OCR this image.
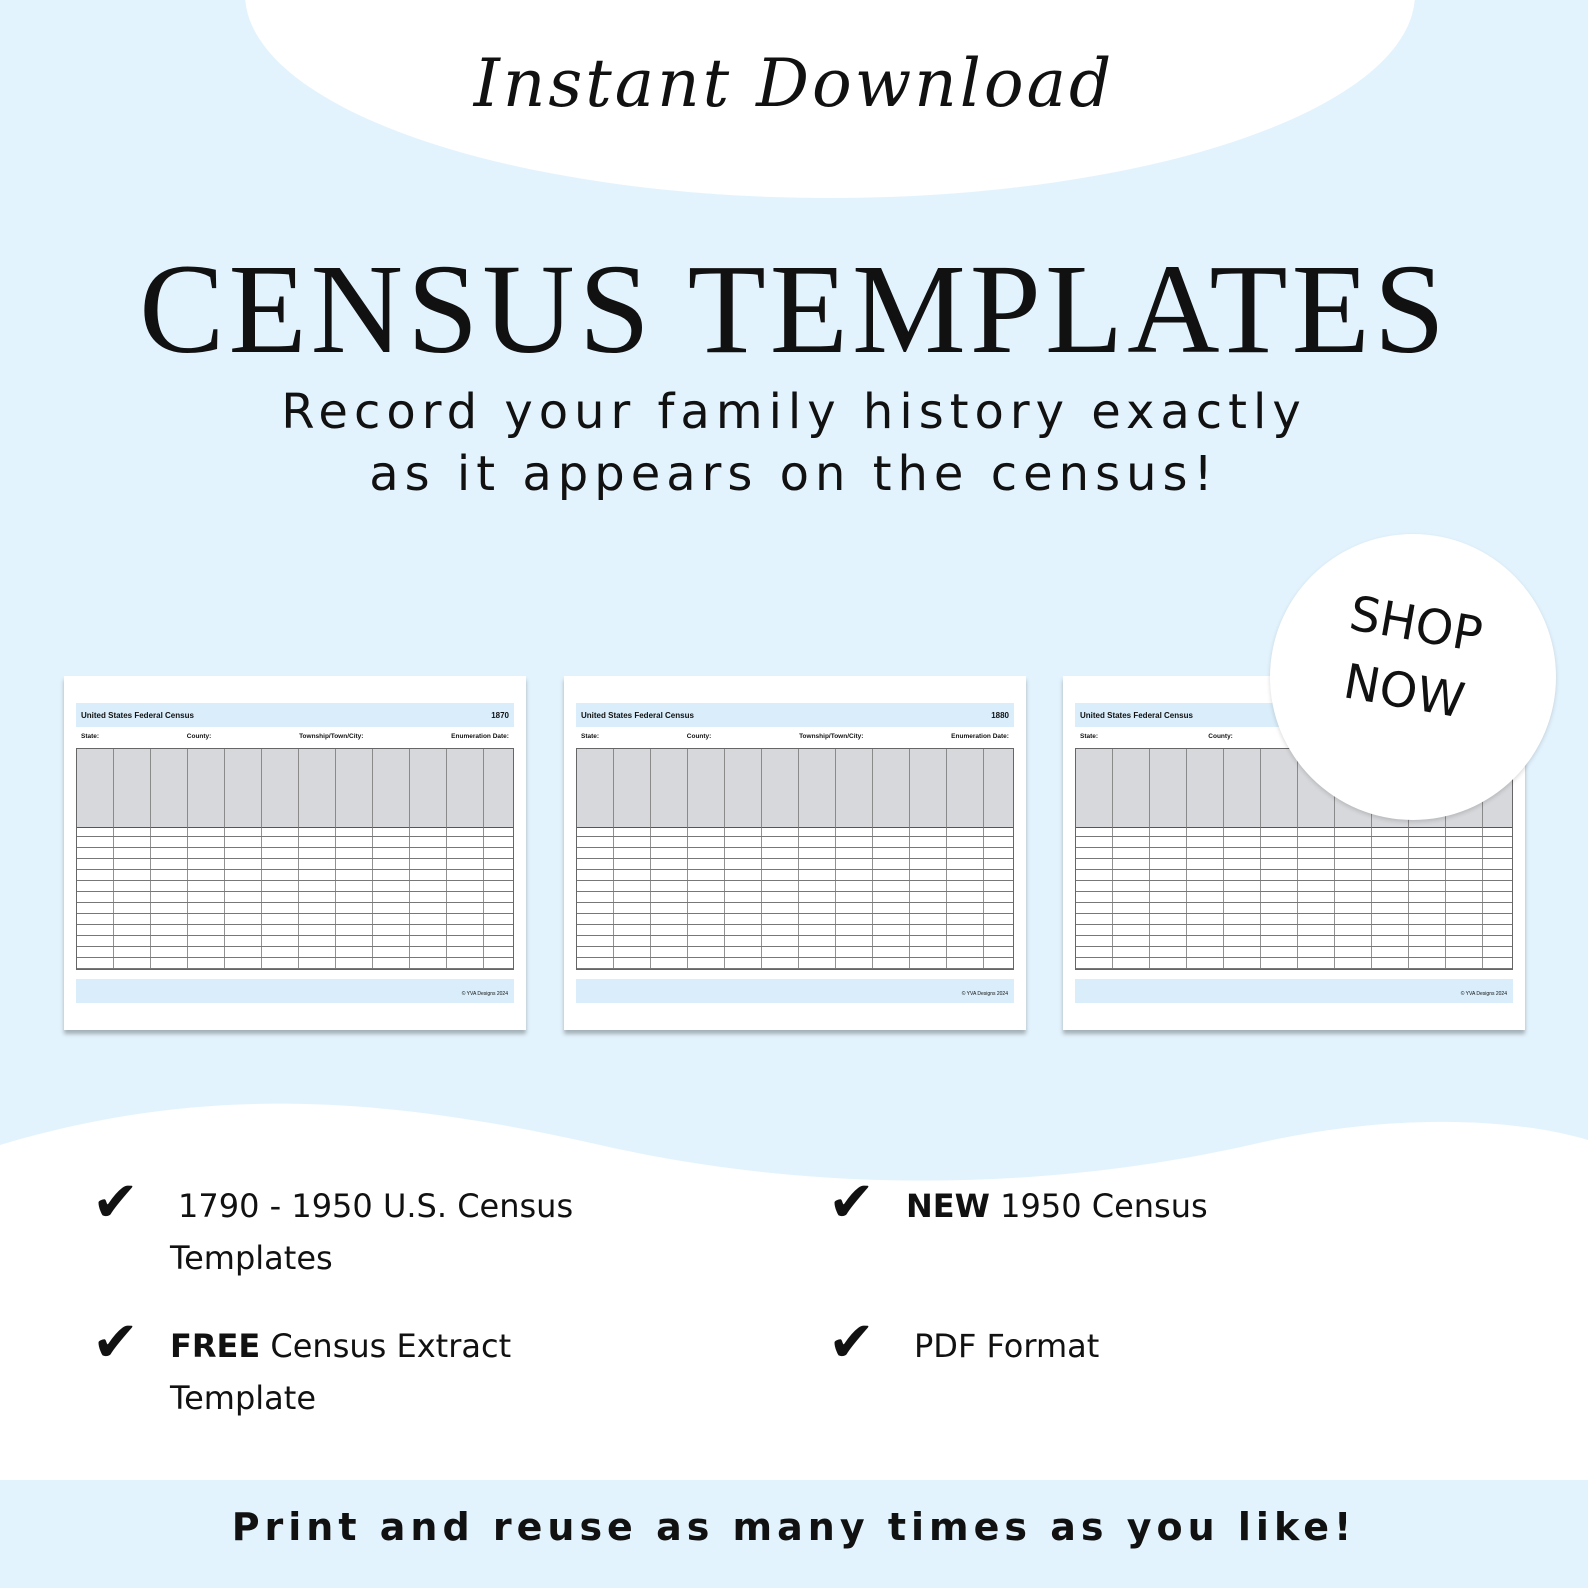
Instant Download
CENSUS TEMPLATES
Record your family history exactly
as it appears on the census!
United States Federal Census	1870
State:	County:	Township/Town/City:	Enumeration Date:
© YVA Designs 2024
United States Federal Census	1880
State:	County:	Township/Town/City:	Enumeration Date:
© YVA Designs 2024
United States Federal Census
State:	County:
© YVA Designs 2024
SHOP
NOW
✔ 1790 - 1950 U.S. Census
Templates
✔ NEW 1950 Census
✔ FREE Census Extract
Template
✔ PDF Format
Print and reuse as many times as you like!
